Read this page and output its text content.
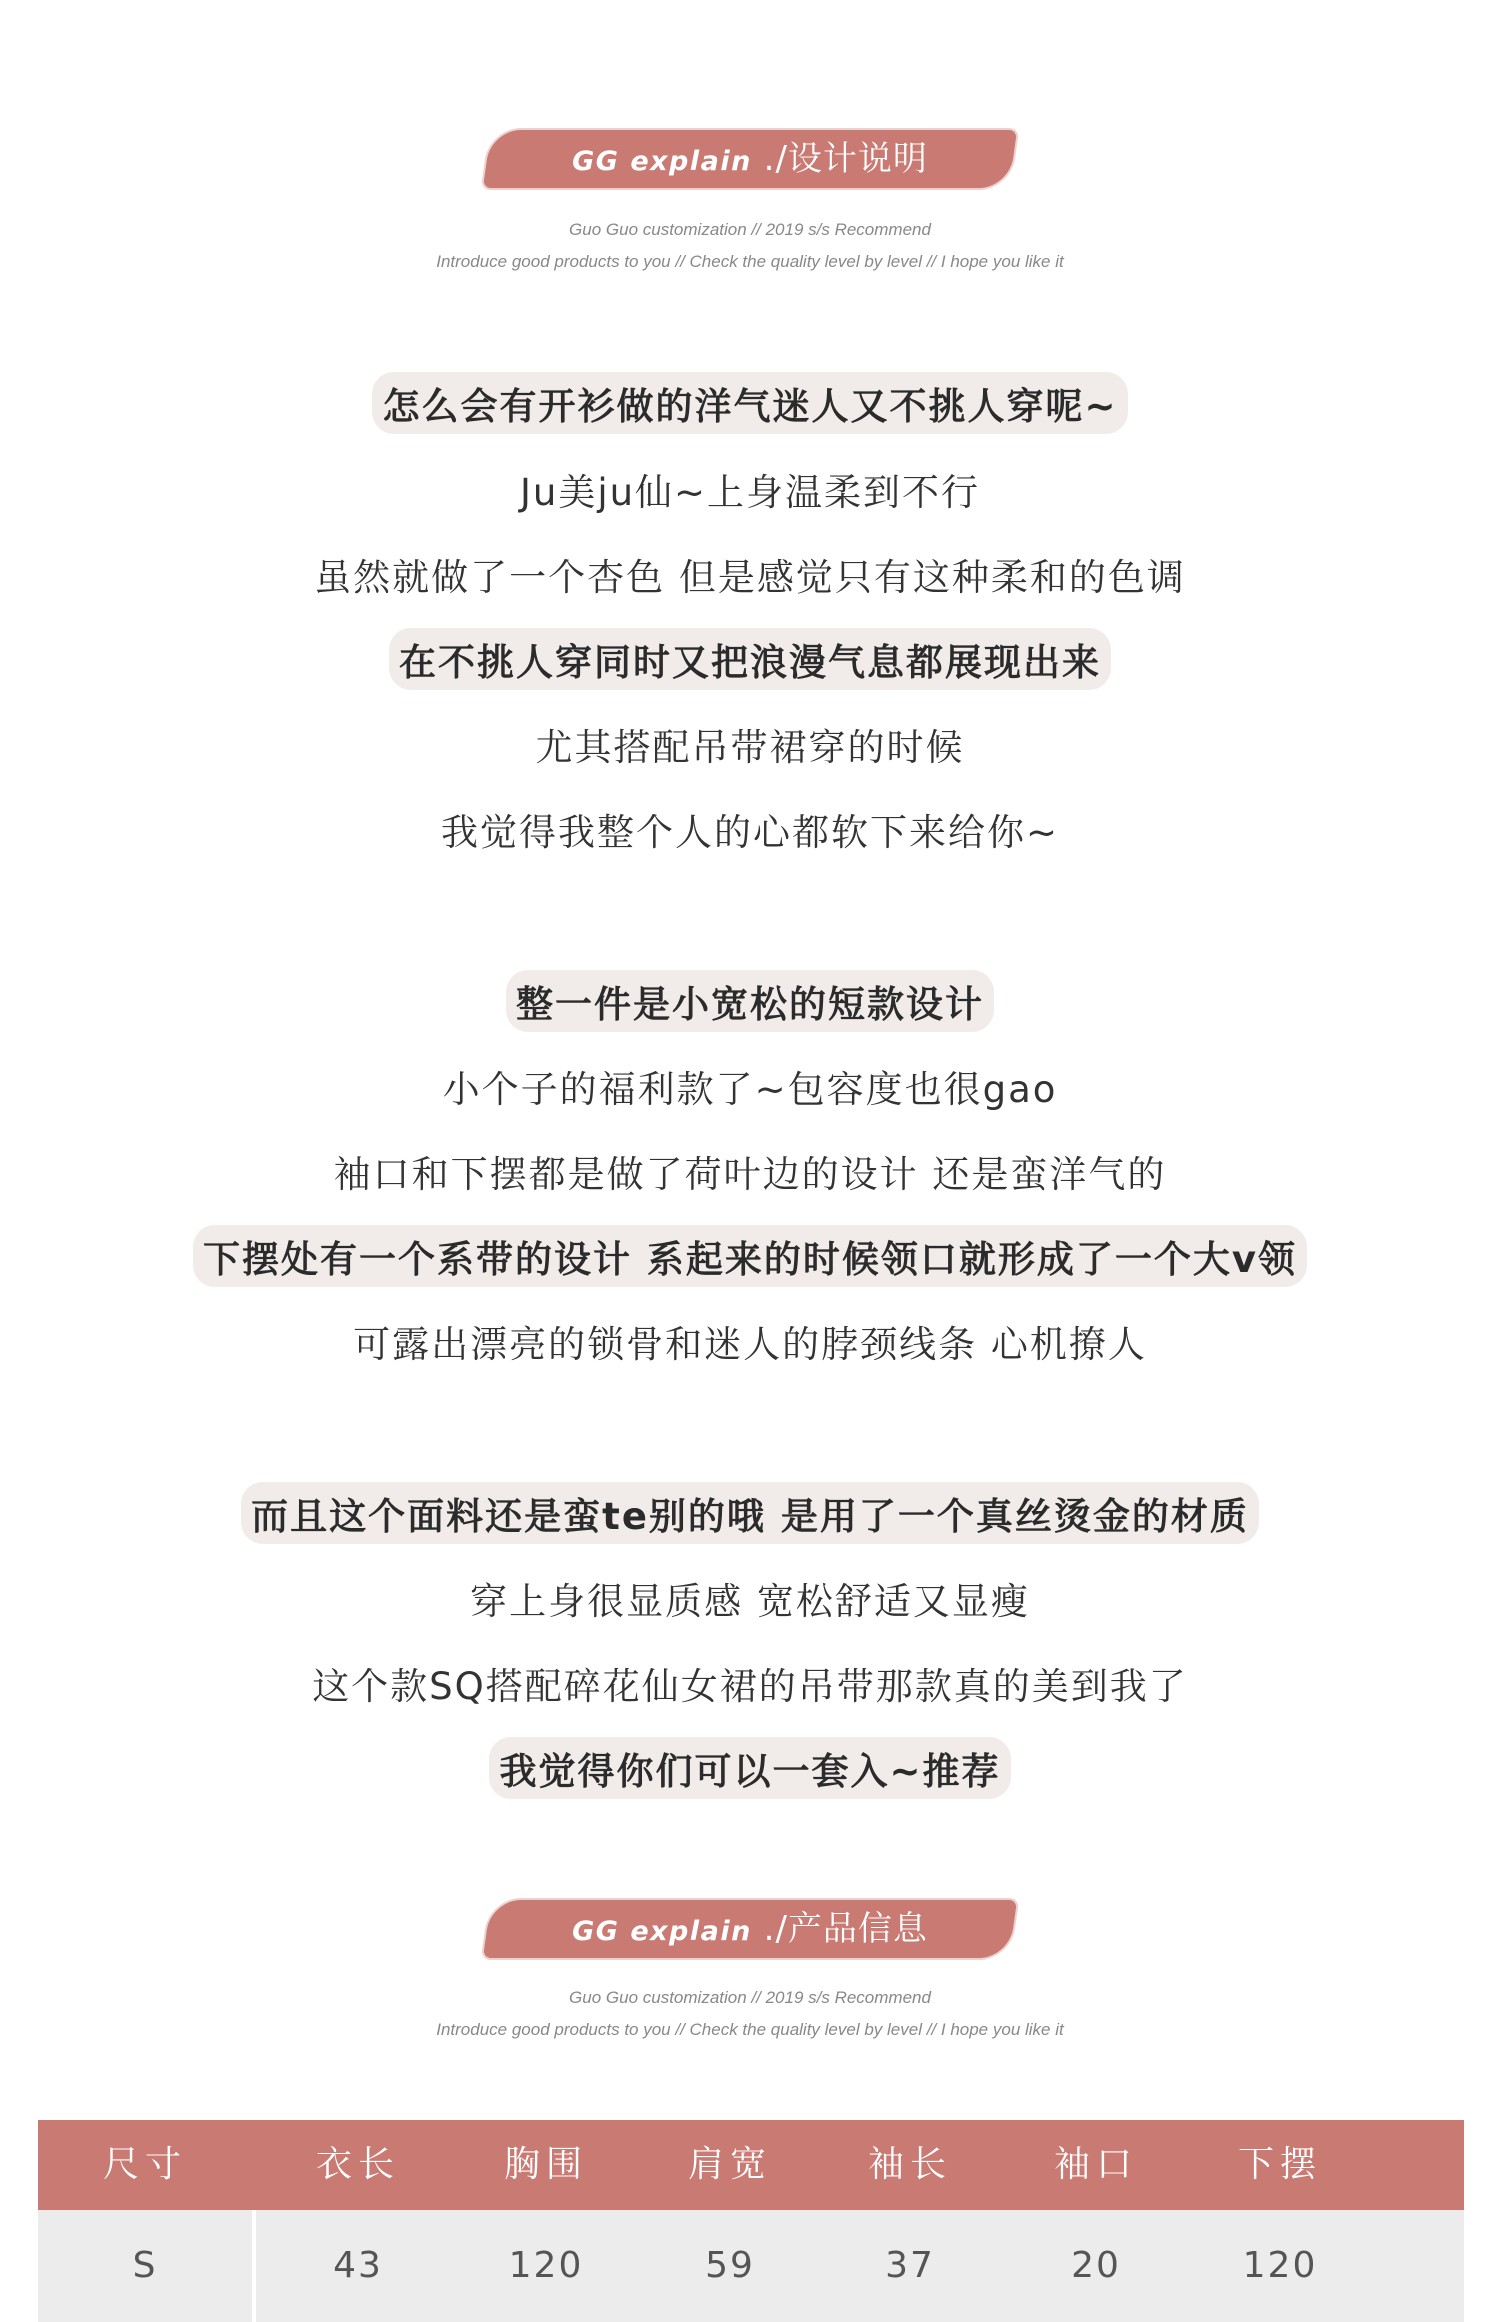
GG explain ./设计说明
Guo Guo customization // 2019 s/s Recommend
Introduce good products to you // Check the quality level by level // I hope you like it
怎么会有开衫做的洋气迷人又不挑人穿呢~
Ju美ju仙~上身温柔到不行
虽然就做了一个杏色 但是感觉只有这种柔和的色调
在不挑人穿同时又把浪漫气息都展现出来
尤其搭配吊带裙穿的时候
我觉得我整个人的心都软下来给你~
整一件是小宽松的短款设计
小个子的福利款了~包容度也很gao
袖口和下摆都是做了荷叶边的设计 还是蛮洋气的
下摆处有一个系带的设计 系起来的时候领口就形成了一个大v领
可露出漂亮的锁骨和迷人的脖颈线条 心机撩人
而且这个面料还是蛮te别的哦 是用了一个真丝烫金的材质
穿上身很显质感 宽松舒适又显瘦
这个款SQ搭配碎花仙女裙的吊带那款真的美到我了
我觉得你们可以一套入~推荐
GG explain ./产品信息
Guo Guo customization // 2019 s/s Recommend
Introduce good products to you // Check the quality level by level // I hope you like it
尺寸	衣长	胸围	肩宽	袖长	袖口	下摆
S	43	120	59	37	20	120
